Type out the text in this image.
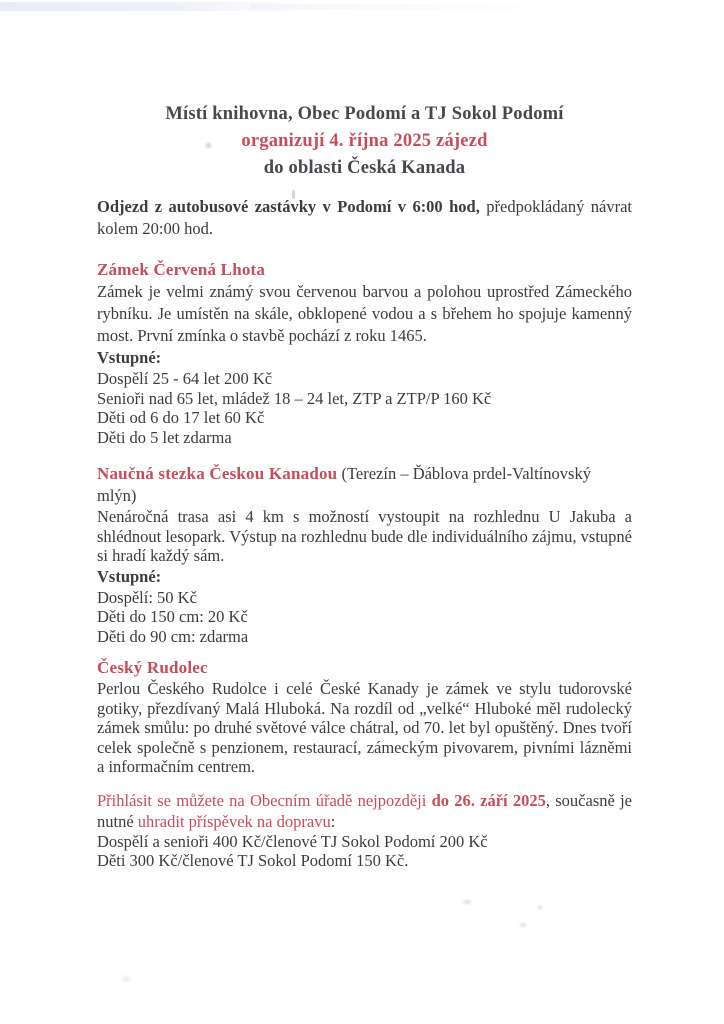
Místí knihovna, Obec Podomí a TJ Sokol Podomí
organizují 4. října 2025 zájezd
do oblasti Česká Kanada

Odjezd z autobusové zastávky v Podomí v 6:00 hod, předpokládaný návrat kolem 20:00 hod.

Zámek Červená Lhota

Zámek je velmi známý svou červenou barvou a polohou uprostřed Zámeckého rybníku. Je umístěn na skále, obklopené vodou a s břehem ho spojuje kamenný most. První zmínka o stavbě pochází z roku 1465.

Vstupné:
Dospělí 25 - 64 let 200 Kč
Senioři nad 65 let, mládež 18 – 24 let, ZTP a ZTP/P 160 Kč
Děti od 6 do 17 let 60 Kč
Děti do 5 let zdarma
Naučná stezka Českou Kanadou (Terezín – Ďáblova prdel-Valtínovský mlýn)

Nenáročná trasa asi 4 km s možností vystoupit na rozhlednu U Jakuba a shlédnout lesopark. Výstup na rozhlednu bude dle individuálního zájmu, vstupné si hradí každý sám.

Vstupné:
Dospělí: 50 Kč
Děti do 150 cm: 20 Kč
Děti do 90 cm: zdarma
Český Rudolec

Perlou Českého Rudolce i celé České Kanady je zámek ve stylu tudorovské gotiky, přezdívaný Malá Hluboká. Na rozdíl od „velké“ Hluboké měl rudolecký zámek smůlu: po druhé světové válce chátral, od 70. let byl opuštěný. Dnes tvoří celek společně s penzionem, restaurací, zámeckým pivovarem, pivními lázněmi a informačním centrem.

Přihlásit se můžete na Obecním úřadě nejpozději do 26. září 2025, současně je nutné uhradit příspěvek na dopravu:

Dospělí a senioři 400 Kč/členové TJ Sokol Podomí 200 Kč
Děti 300 Kč/členové TJ Sokol Podomí 150 Kč.
